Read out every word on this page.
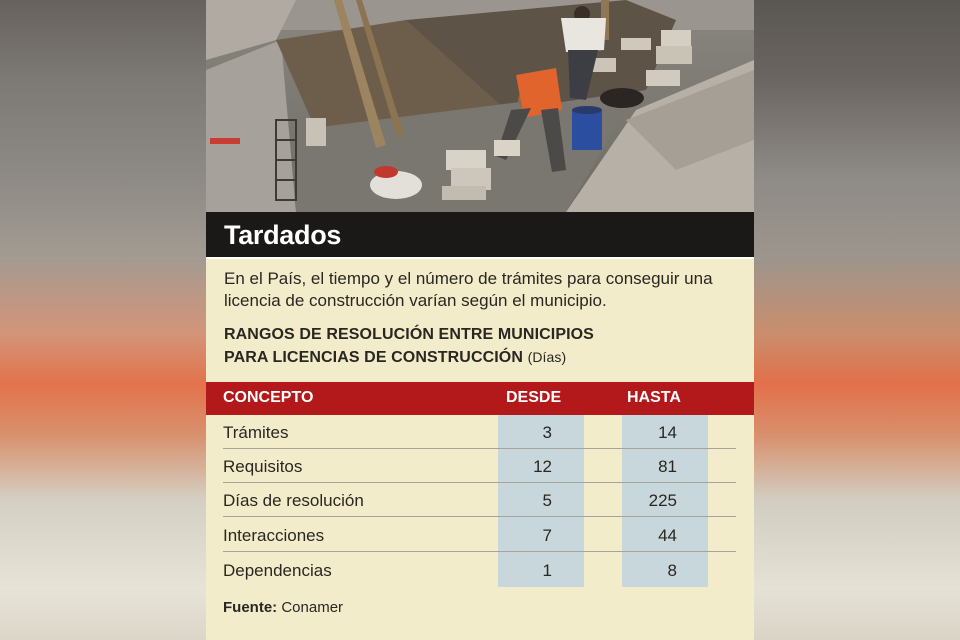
Tardados
En el País, el tiempo y el número de trámites para conseguir una licencia de construcción varían según el municipio.
RANGOS DE RESOLUCIÓN ENTRE MUNICIPIOS
PARA LICENCIAS DE CONSTRUCCIÓN (Días)
CONCEPTO	DESDE	HASTA
Trámites	3	14
Requisitos	12	81
Días de resolución	5	225
Interacciones	7	44
Dependencias	1	8
Fuente: Conamer
